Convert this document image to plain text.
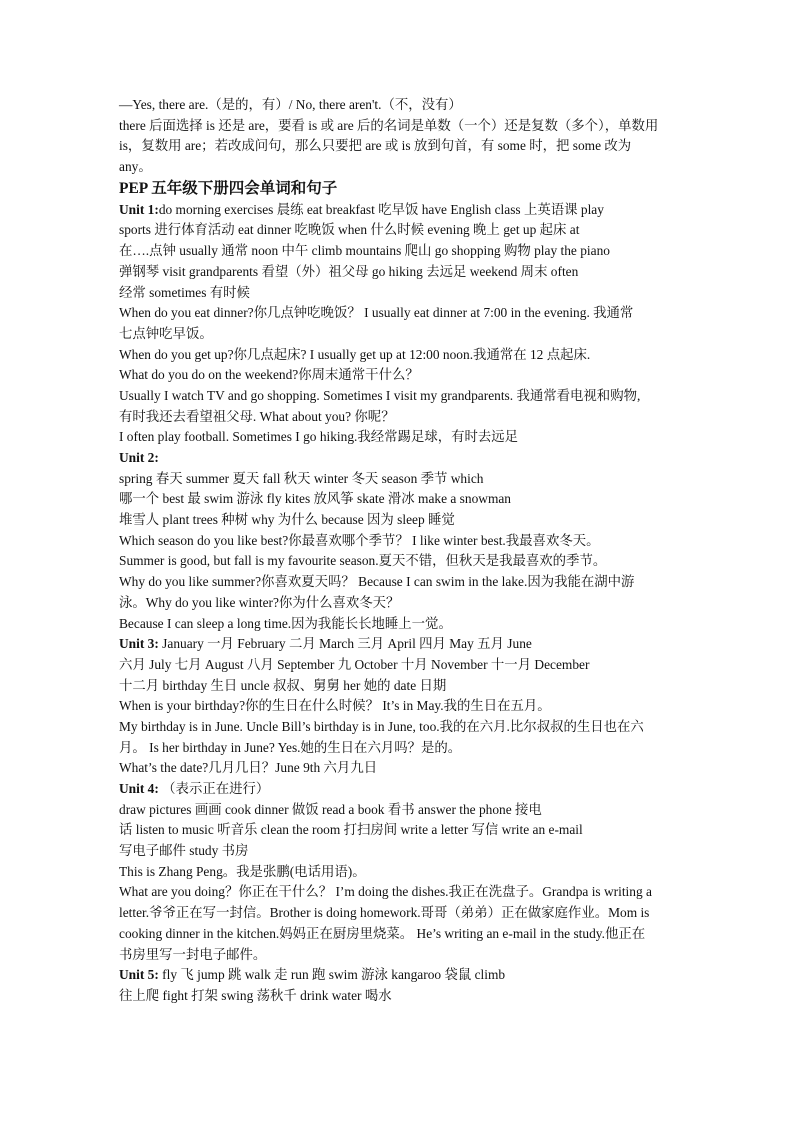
—Yes, there are.（是的，有）/ No, there aren't.（不，没有）
there 后面选择 is 还是 are，要看 is 或 are 后的名词是单数（一个）还是复数（多个），单数用
is，复数用 are；若改成问句，那么只要把 are 或 is 放到句首，有 some 时，把 some 改为
any。
PEP 五年级下册四会单词和句子
Unit 1:do morning exercises 晨练 eat breakfast 吃早饭 have English class 上英语课 play
sports 进行体育活动 eat dinner 吃晚饭 when 什么时候 evening 晚上 get up 起床 at
在….点钟 usually 通常 noon 中午 climb mountains 爬山 go shopping 购物 play the piano
弹钢琴 visit grandparents 看望（外）祖父母 go hiking 去远足 weekend 周末 often
经常 sometimes 有时候
When do you eat dinner?你几点钟吃晚饭？ I usually eat dinner at 7:00 in the evening. 我通常
七点钟吃早饭。
When do you get up?你几点起床? I usually get up at 12:00 noon.我通常在 12 点起床.
What do you do on the weekend?你周末通常干什么？
Usually I watch TV and go shopping. Sometimes I visit my grandparents. 我通常看电视和购物,
有时我还去看望祖父母. What about you? 你呢？
I often play football. Sometimes I go hiking.我经常踢足球，有时去远足
Unit 2:
spring 春天 summer 夏天 fall 秋天 winter 冬天 season 季节 which
哪一个 best 最 swim 游泳 fly kites 放风筝 skate 滑冰 make a snowman
堆雪人 plant trees 种树 why 为什么 because 因为 sleep 睡觉
Which season do you like best?你最喜欢哪个季节？ I like winter best.我最喜欢冬天。
Summer is good, but fall is my favourite season.夏天不错，但秋天是我最喜欢的季节。
Why do you like summer?你喜欢夏天吗？ Because I can swim in the lake.因为我能在湖中游
泳。Why do you like winter?你为什么喜欢冬天？
Because I can sleep a long time.因为我能长长地睡上一觉。
Unit 3: January 一月 February 二月 March 三月 April 四月 May 五月 June
六月 July 七月 August 八月 September 九 October 十月 November 十一月 December
十二月 birthday 生日 uncle 叔叔、舅舅 her 她的 date 日期
When is your birthday?你的生日在什么时候？ It’s in May.我的生日在五月。
My birthday is in June. Uncle Bill’s birthday is in June, too.我的在六月.比尔叔叔的生日也在六
月。 Is her birthday in June? Yes.她的生日在六月吗？是的。
What’s the date?几月几日？June 9th 六月九日
Unit 4: （表示正在进行）
draw pictures 画画 cook dinner 做饭 read a book 看书 answer the phone 接电
话 listen to music 听音乐 clean the room 打扫房间 write a letter 写信 write an e-mail
写电子邮件 study 书房
This is Zhang Peng。我是张鹏(电话用语)。
What are you doing？你正在干什么？ I’m doing the dishes.我正在洗盘子。Grandpa is writing a
letter.爷爷正在写一封信。Brother is doing homework.哥哥（弟弟）正在做家庭作业。Mom is
cooking dinner in the kitchen.妈妈正在厨房里烧菜。 He’s writing an e-mail in the study.他正在
书房里写一封电子邮件。
Unit 5: fly 飞 jump 跳 walk 走 run 跑 swim 游泳 kangaroo 袋鼠 climb
往上爬 fight 打架 swing 荡秋千 drink water 喝水
